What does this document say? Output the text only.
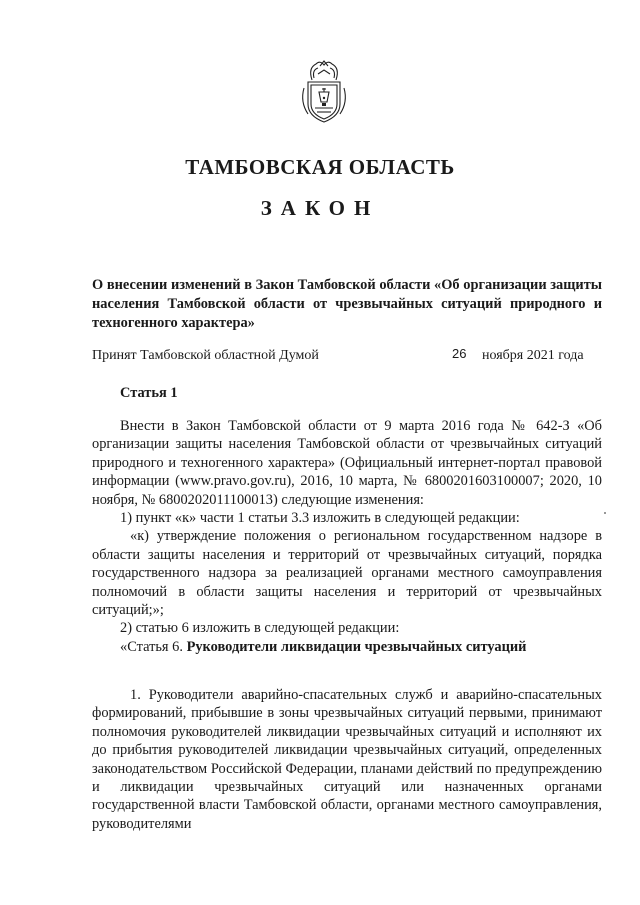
ТАМБОВСКАЯ ОБЛАСТЬ
ЗАКОН
О внесении изменений в Закон Тамбовской области «Об организации защиты населения Тамбовской области от чрезвычайных ситуаций природного и техногенного характера»
Принят Тамбовской областной Думой	26 ноября 2021 года
Статья 1

Внести в Закон Тамбовской области от 9 марта 2016 года № 642-З «Об организации защиты населения Тамбовской области от чрезвычайных ситуаций природного и техногенного характера» (Официальный интернет-портал правовой информации (www.pravo.gov.ru), 2016, 10 марта, № 6800201603100007; 2020, 10 ноября, № 6800202011100013) следующие изменения:

1) пункт «к» части 1 статьи 3.3 изложить в следующей редакции:

«к) утверждение положения о региональном государственном надзоре в области защиты населения и территорий от чрезвычайных ситуаций, порядка государственного надзора за реализацией органами местного самоуправления полномочий в области защиты населения и территорий от чрезвычайных ситуаций;»;

2) статью 6 изложить в следующей редакции:

«Статья 6. Руководители ликвидации чрезвычайных ситуаций

1. Руководители аварийно-спасательных служб и аварийно-спасательных формирований, прибывшие в зоны чрезвычайных ситуаций первыми, принимают полномочия руководителей ликвидации чрезвычайных ситуаций и исполняют их до прибытия руководителей ликвидации чрезвычайных ситуаций, определенных законодательством Российской Федерации, планами действий по предупреждению и ликвидации чрезвычайных ситуаций или назначенных органами государственной власти Тамбовской области, органами местного самоуправления, руководителями
